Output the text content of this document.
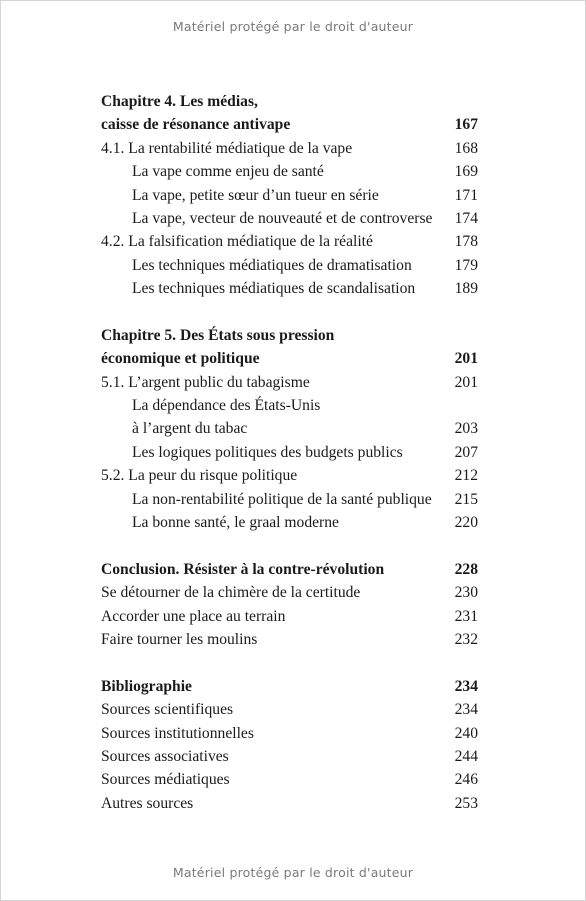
Matériel protégé par le droit d'auteur
Chapitre 4. Les médias,
caisse de résonance antivape	167
4.1. La rentabilité médiatique de la vape	168
La vape comme enjeu de santé	169
La vape, petite sœur d’un tueur en série	171
La vape, vecteur de nouveauté et de controverse	174
4.2. La falsification médiatique de la réalité	178
Les techniques médiatiques de dramatisation	179
Les techniques médiatiques de scandalisation	189
Chapitre 5. Des États sous pression
économique et politique	201
5.1. L’argent public du tabagisme	201
La dépendance des États-Unis
à l’argent du tabac	203
Les logiques politiques des budgets publics	207
5.2. La peur du risque politique	212
La non-rentabilité politique de la santé publique	215
La bonne santé, le graal moderne	220
Conclusion. Résister à la contre-révolution	228
Se détourner de la chimère de la certitude	230
Accorder une place au terrain	231
Faire tourner les moulins	232
Bibliographie	234
Sources scientifiques	234
Sources institutionnelles	240
Sources associatives	244
Sources médiatiques	246
Autres sources	253
Matériel protégé par le droit d'auteur
